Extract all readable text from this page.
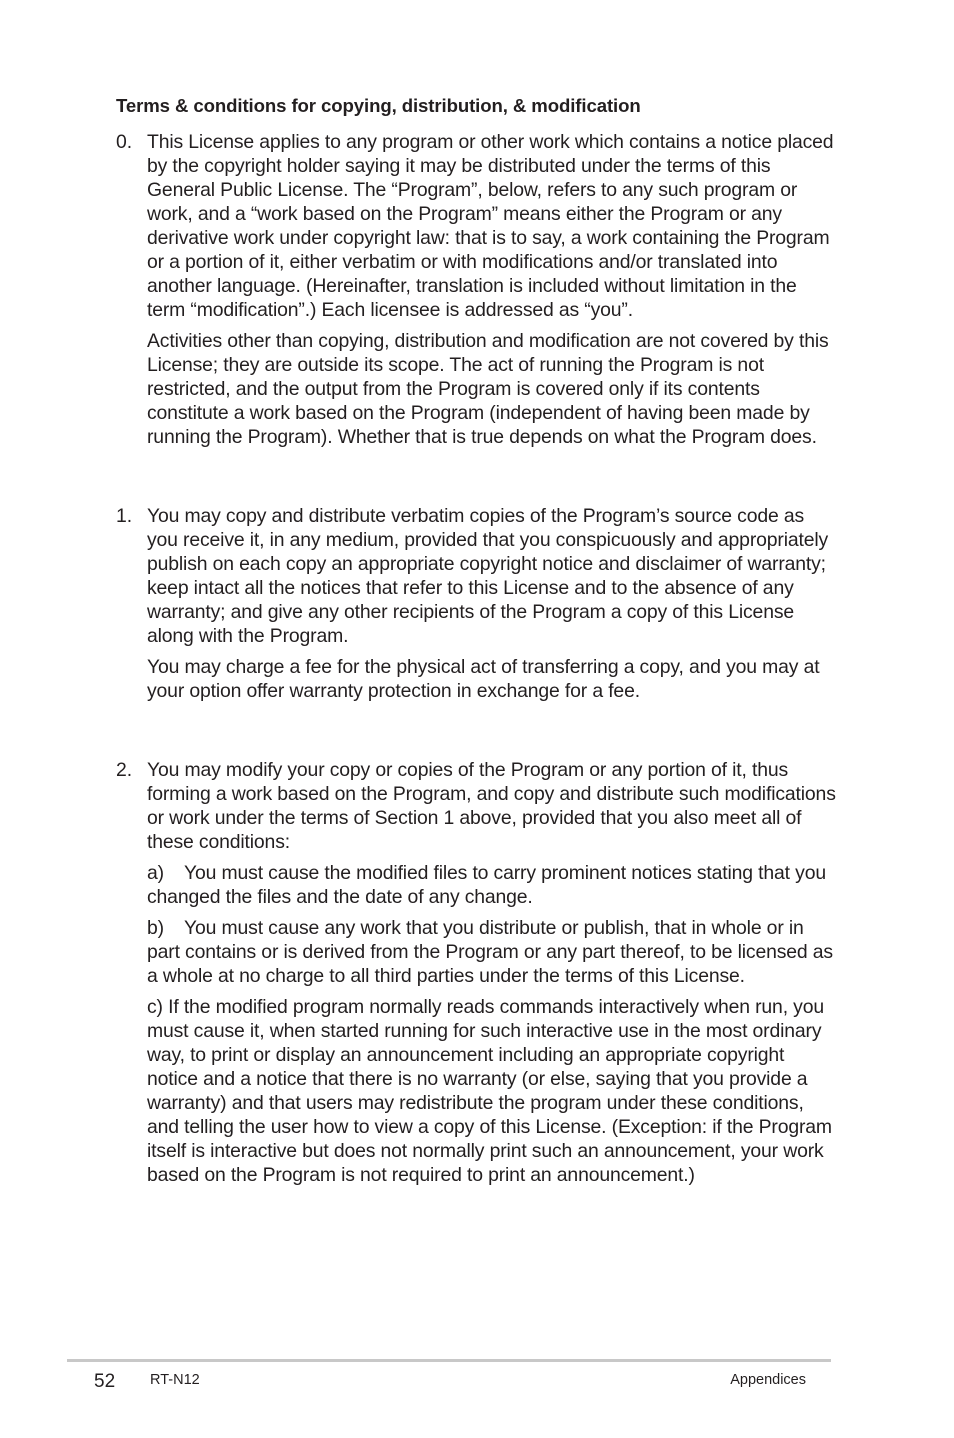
Terms & conditions for copying, distribution, & modification
0. This License applies to any program or other work which contains a notice placed by the copyright holder saying it may be distributed under the terms of this General Public License. The “Program”, below, refers to any such program or work, and a “work based on the Program” means either the Program or any derivative work under copyright law: that is to say, a work containing the Program or a portion of it, either verbatim or with modifications and/or translated into another language. (Hereinafter, translation is included without limitation in the term “modification”.) Each licensee is addressed as “you”.

Activities other than copying, distribution and modification are not covered by this License; they are outside its scope. The act of running the Program is not restricted, and the output from the Program is covered only if its contents constitute a work based on the Program (independent of having been made by running the Program). Whether that is true depends on what the Program does.

1. You may copy and distribute verbatim copies of the Program’s source code as you receive it, in any medium, provided that you conspicuously and appropriately publish on each copy an appropriate copyright notice and disclaimer of warranty; keep intact all the notices that refer to this License and to the absence of any warranty; and give any other recipients of the Program a copy of this License along with the Program.

You may charge a fee for the physical act of transferring a copy, and you may at your option offer warranty protection in exchange for a fee.

2. You may modify your copy or copies of the Program or any portion of it, thus forming a work based on the Program, and copy and distribute such modifications or work under the terms of Section 1 above, provided that you also meet all of these conditions:

a) You must cause the modified files to carry prominent notices stating that you changed the files and the date of any change.

b) You must cause any work that you distribute or publish, that in whole or in part contains or is derived from the Program or any part thereof, to be licensed as a whole at no charge to all third parties under the terms of this License.

c) If the modified program normally reads commands interactively when run, you must cause it, when started running for such interactive use in the most ordinary way, to print or display an announcement including an appropriate copyright notice and a notice that there is no warranty (or else, saying that you provide a warranty) and that users may redistribute the program under these conditions, and telling the user how to view a copy of this License. (Exception: if the Program itself is interactive but does not normally print such an announcement, your work based on the Program is not required to print an announcement.)

52 RT-N12	Appendices
